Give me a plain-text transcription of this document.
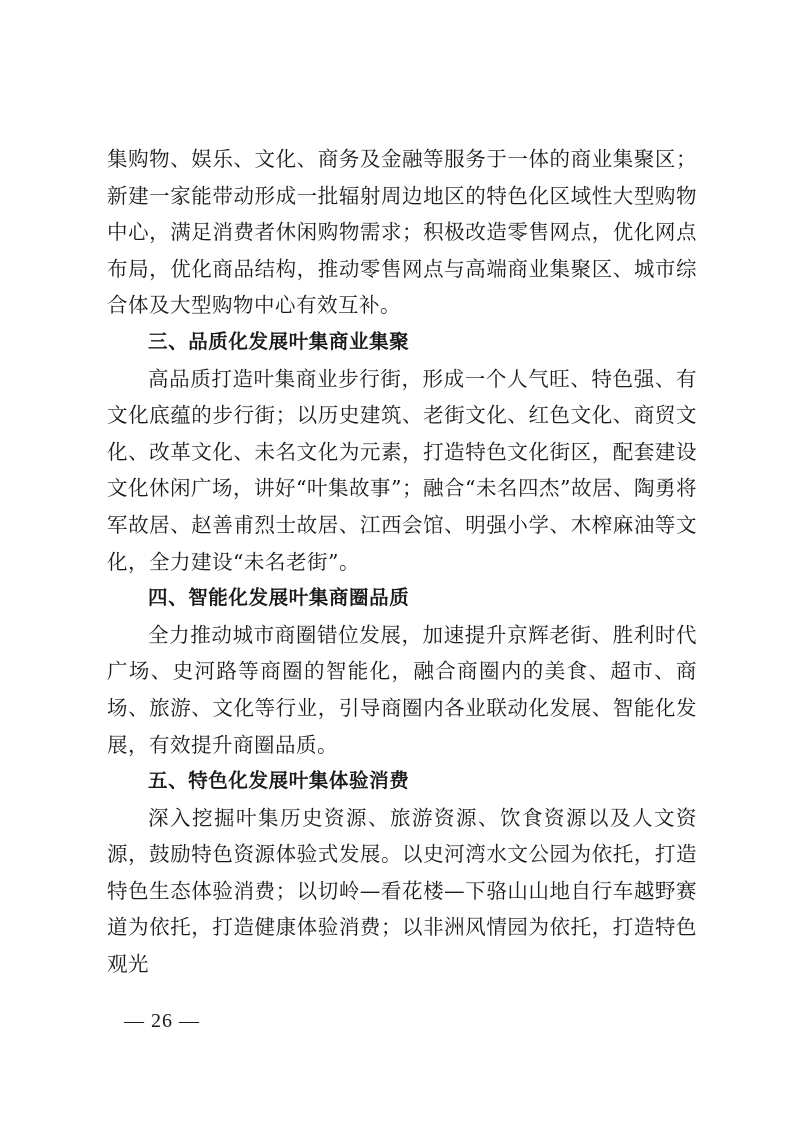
集购物、娱乐、文化、商务及金融等服务于一体的商业集聚区；新建一家能带动形成一批辐射周边地区的特色化区域性大型购物中心，满足消费者休闲购物需求；积极改造零售网点，优化网点布局，优化商品结构，推动零售网点与高端商业集聚区、城市综合体及大型购物中心有效互补。

三、品质化发展叶集商业集聚

高品质打造叶集商业步行街，形成一个人气旺、特色强、有文化底蕴的步行街；以历史建筑、老街文化、红色文化、商贸文化、改革文化、未名文化为元素，打造特色文化街区，配套建设文化休闲广场，讲好“叶集故事”；融合“未名四杰”故居、陶勇将军故居、赵善甫烈士故居、江西会馆、明强小学、木榨麻油等文化，全力建设“未名老街”。

四、智能化发展叶集商圈品质

全力推动城市商圈错位发展，加速提升京辉老街、胜利时代广场、史河路等商圈的智能化，融合商圈内的美食、超市、商场、旅游、文化等行业，引导商圈内各业联动化发展、智能化发展，有效提升商圈品质。

五、特色化发展叶集体验消费

深入挖掘叶集历史资源、旅游资源、饮食资源以及人文资源，鼓励特色资源体验式发展。以史河湾水文公园为依托，打造特色生态体验消费；以切岭—看花楼—下骆山山地自行车越野赛道为依托，打造健康体验消费；以非洲风情园为依托，打造特色观光

— 26 —
